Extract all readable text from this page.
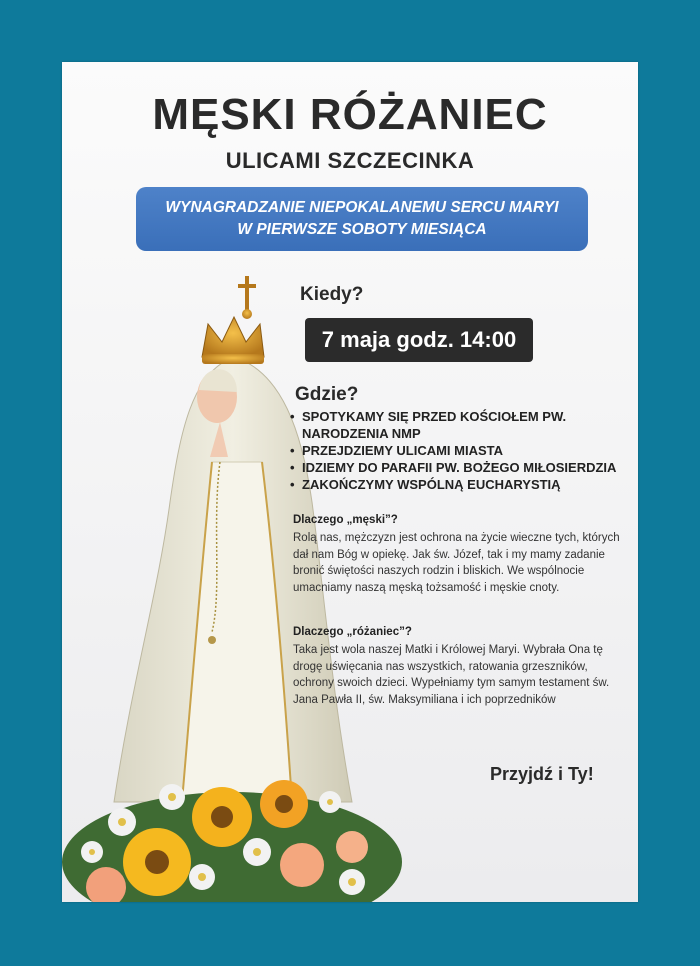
MĘSKI RÓŻANIEC
ULICAMI SZCZECINKA
WYNAGRADZANIE NIEPOKALANEMU SERCU MARYI
W PIERWSZE SOBOTY MIESIĄCA
Kiedy?
7 maja godz. 14:00
Gdzie?
• SPOTYKAMY SIĘ PRZED KOŚCIOŁEM PW. NARODZENIA NMP
• PRZEJDZIEMY ULICAMI MIASTA
• IDZIEMY DO PARAFII PW. BOŻEGO MIŁOSIERDZIA
• ZAKOŃCZYMY WSPÓLNĄ EUCHARYSTIĄ

Dlaczego „męski”?

Rolą nas, mężczyzn jest ochrona na życie wieczne tych, których dał nam Bóg w opiekę. Jak św. Józef, tak i my mamy zadanie bronić świętości naszych rodzin i bliskich. We wspólnocie umacniamy naszą męską tożsamość i męskie cnoty.

Dlaczego „różaniec”?

Taka jest wola naszej Matki i Królowej Maryi. Wybrała Ona tę drogę uświęcania nas wszystkich, ratowania grzeszników, ochrony swoich dzieci. Wypełniamy tym samym testament św. Jana Pawła II, św. Maksymiliana i ich poprzedników

Przyjdź i Ty!
